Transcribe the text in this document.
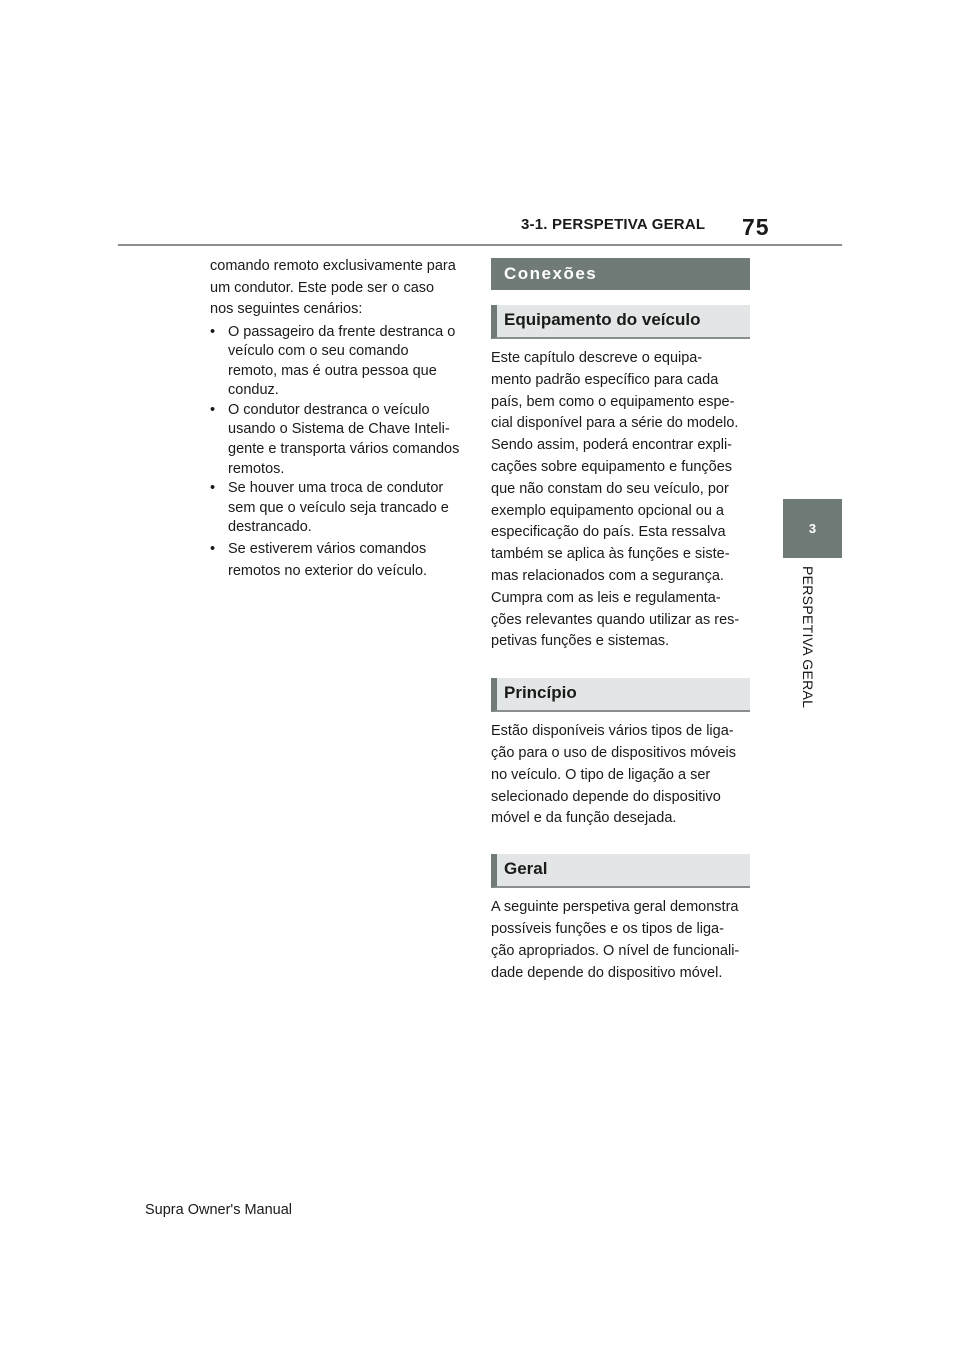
3-1. PERSPETIVA GERAL 75
3
PERSPETIVA GERAL

comando remoto exclusivamente para
um condutor. Este pode ser o caso
nos seguintes cenários:

• O passageiro da frente destranca o
veículo com o seu comando
remoto, mas é outra pessoa que
conduz.
• O condutor destranca o veículo
usando o Sistema de Chave Inteli-
gente e transporta vários comandos
remotos.
• Se houver uma troca de condutor
sem que o veículo seja trancado e
destrancado.
• Se estiverem vários comandos
remotos no exterior do veículo.
Conexões
Equipamento do veículo

Este capítulo descreve o equipa-
mento padrão específico para cada
país, bem como o equipamento espe-
cial disponível para a série do modelo.
Sendo assim, poderá encontrar expli-
cações sobre equipamento e funções
que não constam do seu veículo, por
exemplo equipamento opcional ou a
especificação do país. Esta ressalva
também se aplica às funções e siste-
mas relacionados com a segurança.
Cumpra com as leis e regulamenta-
ções relevantes quando utilizar as res-
petivas funções e sistemas.

Princípio

Estão disponíveis vários tipos de liga-
ção para o uso de dispositivos móveis
no veículo. O tipo de ligação a ser
selecionado depende do dispositivo
móvel e da função desejada.

Geral

A seguinte perspetiva geral demonstra
possíveis funções e os tipos de liga-
ção apropriados. O nível de funcionali-
dade depende do dispositivo móvel.

Supra Owner's Manual
